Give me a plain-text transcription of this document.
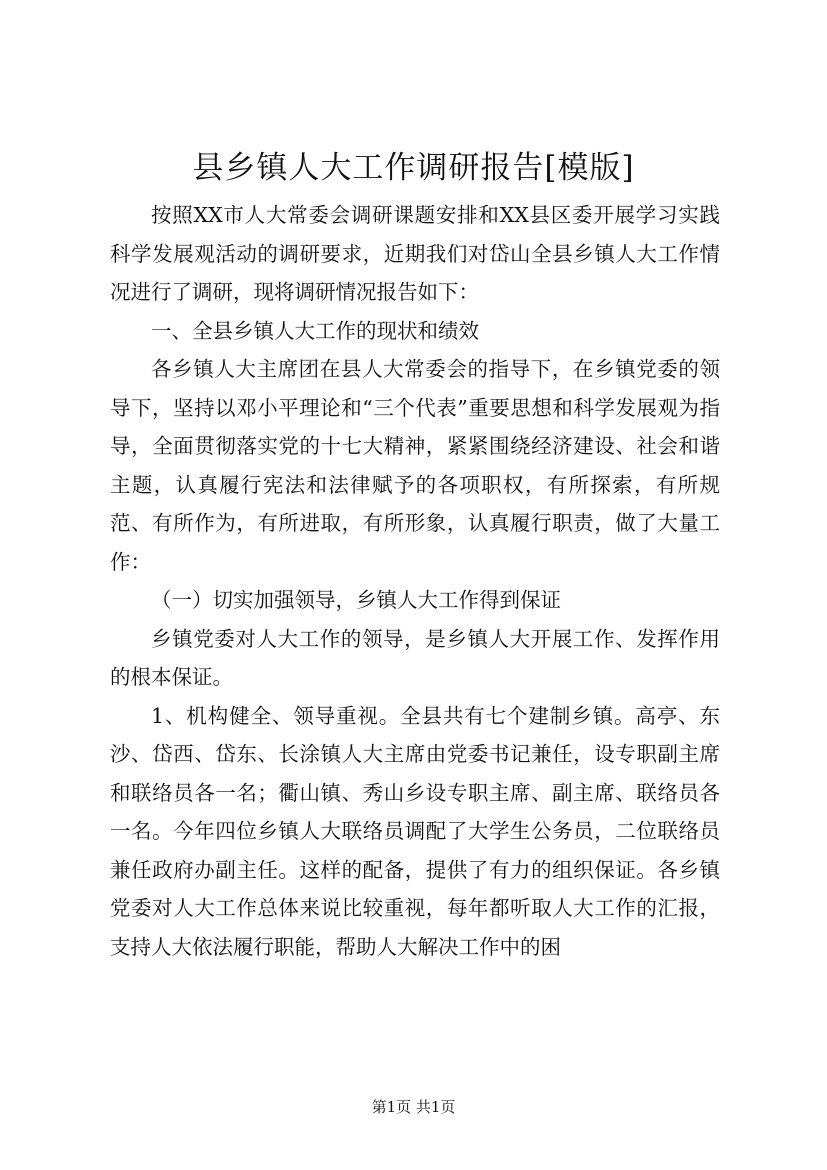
县乡镇人大工作调研报告[模版]

按照XX市人大常委会调研课题安排和XX县区委开展学习实践科学发展观活动的调研要求，近期我们对岱山全县乡镇人大工作情况进行了调研，现将调研情况报告如下：

一、全县乡镇人大工作的现状和绩效

各乡镇人大主席团在县人大常委会的指导下，在乡镇党委的领导下，坚持以邓小平理论和“三个代表”重要思想和科学发展观为指导，全面贯彻落实党的十七大精神，紧紧围绕经济建设、社会和谐主题，认真履行宪法和法律赋予的各项职权，有所探索，有所规范、有所作为，有所进取，有所形象，认真履行职责，做了大量工作：

（一）切实加强领导，乡镇人大工作得到保证

乡镇党委对人大工作的领导，是乡镇人大开展工作、发挥作用的根本保证。

1、机构健全、领导重视。全县共有七个建制乡镇。高亭、东沙、岱西、岱东、长涂镇人大主席由党委书记兼任，设专职副主席和联络员各一名；衢山镇、秀山乡设专职主席、副主席、联络员各一名。今年四位乡镇人大联络员调配了大学生公务员，二位联络员兼任政府办副主任。这样的配备，提供了有力的组织保证。各乡镇党委对人大工作总体来说比较重视，每年都听取人大工作的汇报，支持人大依法履行职能，帮助人大解决工作中的困

第1页 共1页
